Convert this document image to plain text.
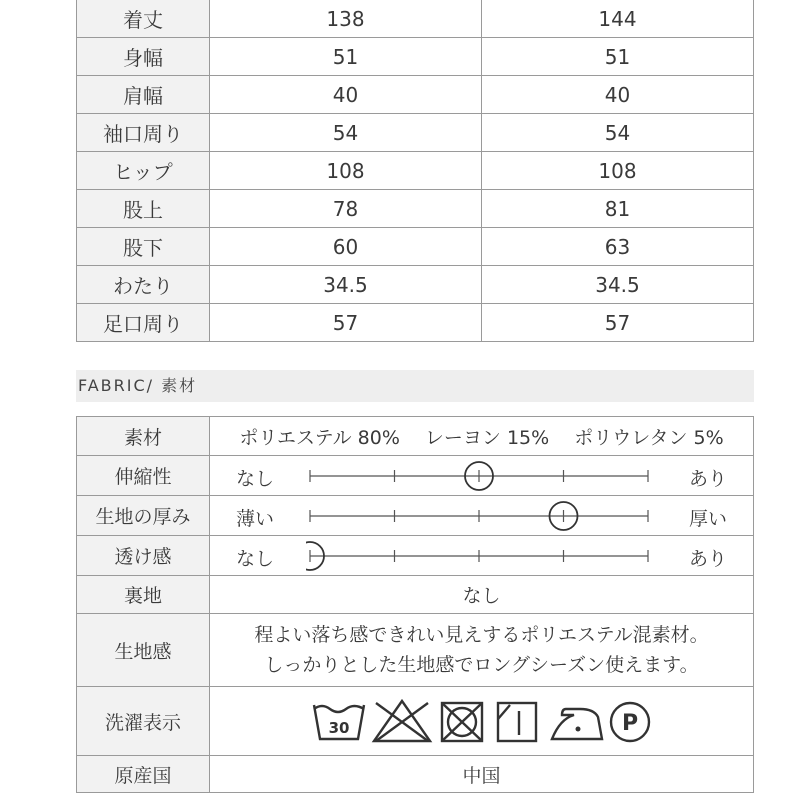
着丈	138	144
身幅	51	51
肩幅	40	40
袖口周り	54	54
ヒップ	108	108
股上	78	81
股下	60	63
わたり	34.5	34.5
足口周り	57	57
FABRIC/ 素材
素材	ポリエステル 80%　 レーヨン 15%　 ポリウレタン 5%
伸縮性	なし あり

生地の厚み	薄い 厚い

透け感	なし あり

裏地	なし
生地感	程よい落ち感できれい見えするポリエステル混素材。
しっかりとした生地感でロングシーズン使えます。

洗濯表示	30 P

原産国	中国
